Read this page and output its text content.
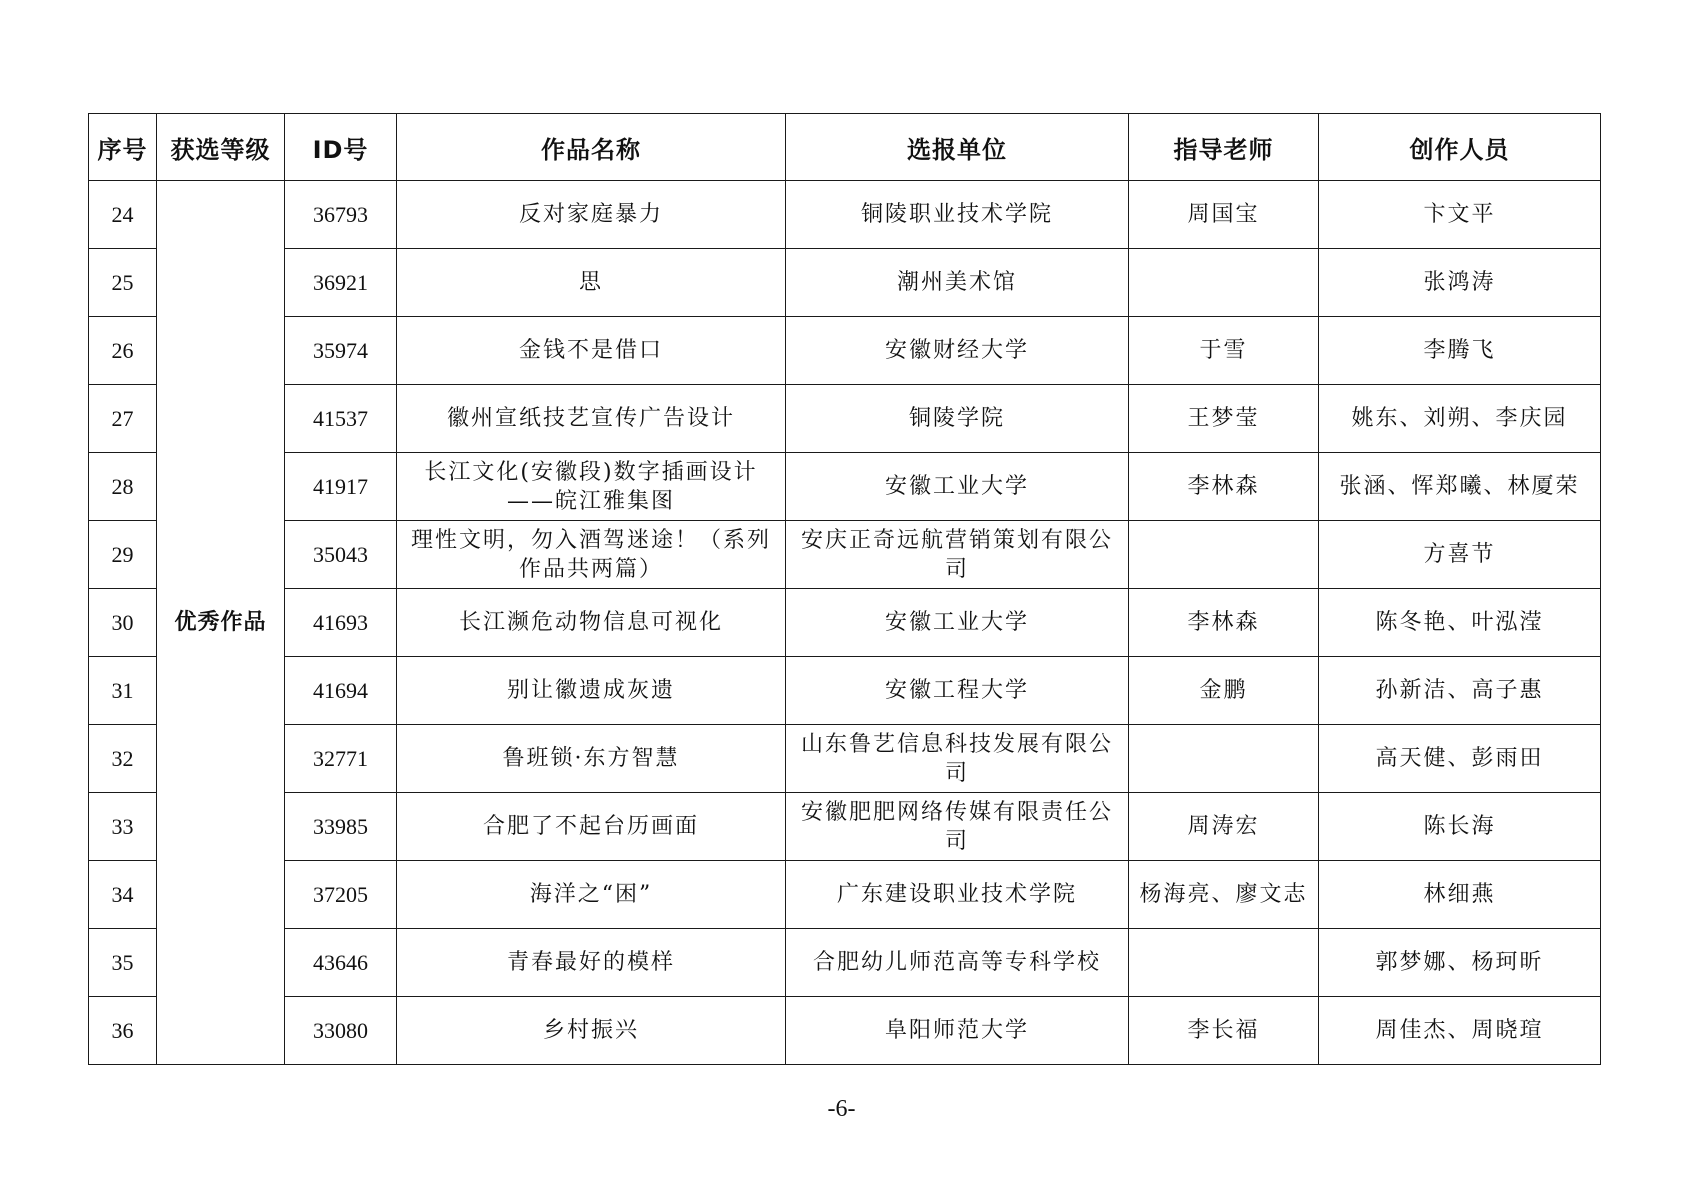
序号	获选等级	ID号	作品名称	选报单位	指导老师	创作人员
24	优秀作品	36793	反对家庭暴力	铜陵职业技术学院	周国宝	卞文平
25		36921	思	潮州美术馆		张鸿涛
26		35974	金钱不是借口	安徽财经大学	于雪	李腾飞
27		41537	徽州宣纸技艺宣传广告设计	铜陵学院	王梦莹	姚东、刘朔、李庆园
28		41917	长江文化(安徽段)数字插画设计——皖江雅集图	安徽工业大学	李林森	张涵、恽郑曦、林厦荣
29		35043	理性文明，勿入酒驾迷途！（系列作品共两篇）	安庆正奇远航营销策划有限公司		方喜节
30		41693	长江濒危动物信息可视化	安徽工业大学	李林森	陈冬艳、叶泓滢
31		41694	别让徽遗成灰遗	安徽工程大学	金鹏	孙新洁、高子惠
32		32771	鲁班锁·东方智慧	山东鲁艺信息科技发展有限公司		高天健、彭雨田
33		33985	合肥了不起台历画面	安徽肥肥网络传媒有限责任公司	周涛宏	陈长海
34		37205	海洋之“困”	广东建设职业技术学院	杨海亮、廖文志	林细燕
35		43646	青春最好的模样	合肥幼儿师范高等专科学校		郭梦娜、杨珂昕
36		33080	乡村振兴	阜阳师范大学	李长福	周佳杰、周晓瑄
-6-
